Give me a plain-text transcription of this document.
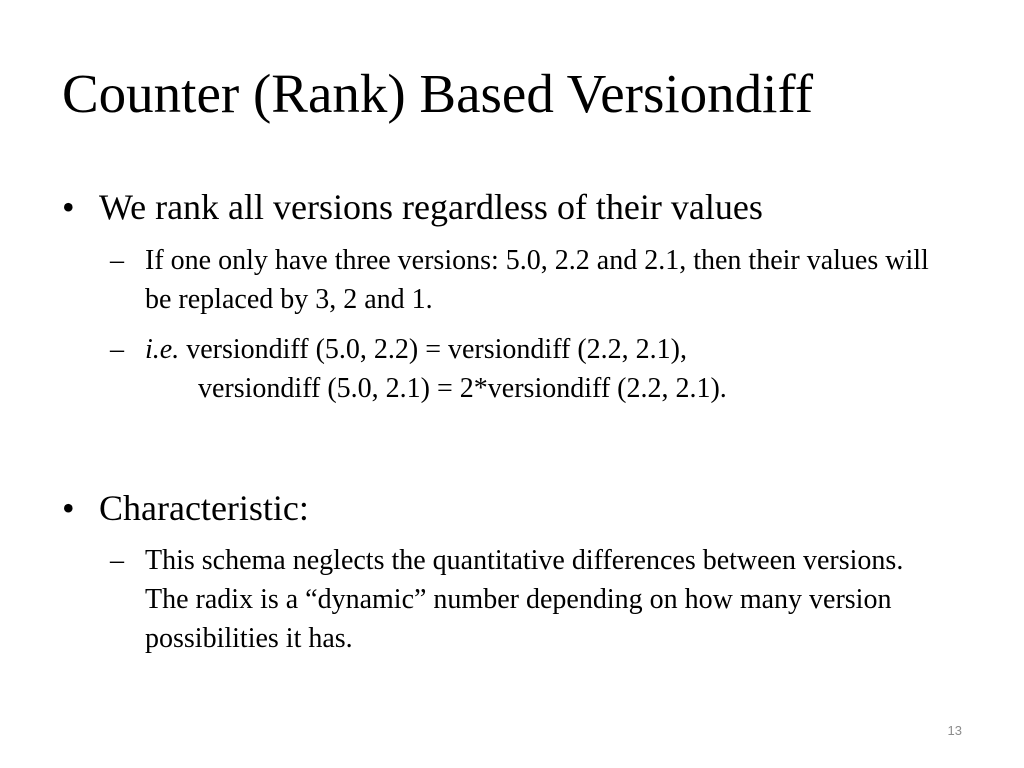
Counter (Rank) Based Versiondiff
• We rank all versions regardless of their values
– If one only have three versions: 5.0, 2.2 and 2.1, then their values will be replaced by 3, 2 and 1.
– i.e. versiondiff (5.0, 2.2) = versiondiff (2.2, 2.1),
versiondiff (5.0, 2.1) = 2*versiondiff (2.2, 2.1).
• Characteristic:
– This schema neglects the quantitative differences between versions. The radix is a “dynamic” number depending on how many version possibilities it has.
13
